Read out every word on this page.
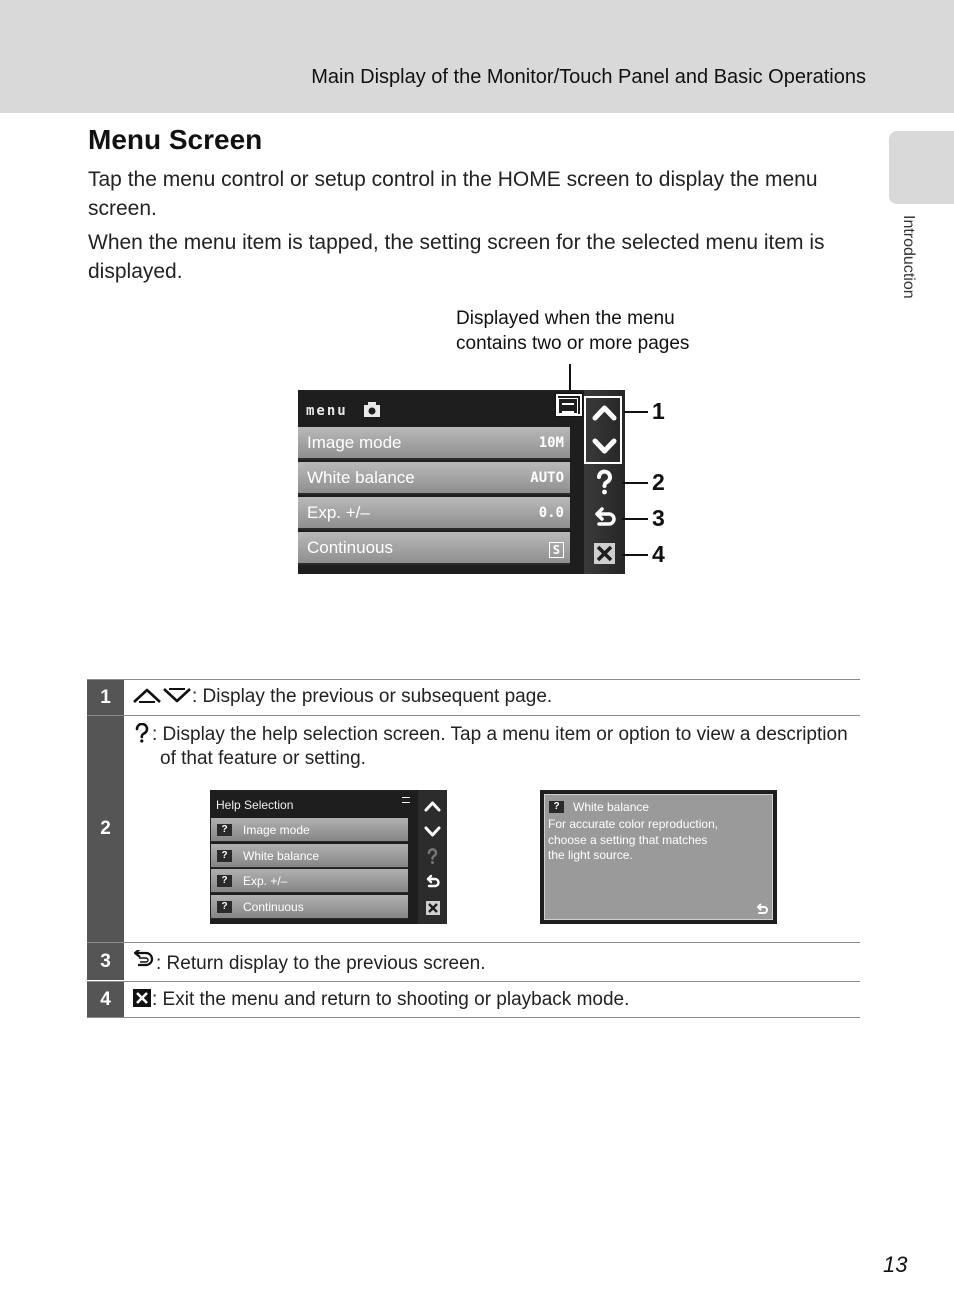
Main Display of the Monitor/Touch Panel and Basic Operations
Introduction
Menu Screen

Tap the menu control or setup control in the HOME screen to display the menu screen.

When the menu item is tapped, the setting screen for the selected menu item is displayed.

Displayed when the menu
contains two or more pages
menu
Image mode	10M
White balance	AUTO
Exp. +/–	0.0
Continuous	S
1
2
3
4
1	: Display the previous or subsequent page.
2
: Display the help selection screen. Tap a menu item or option to view a description
of that feature or setting.
Help Selection
?	Image mode
?	White balance
?	Exp. +/–
?	Continuous
?	White balance
For accurate color reproduction,
choose a setting that matches
the light source.
3	: Return display to the previous screen.
4	: Exit the menu and return to shooting or playback mode.
13
